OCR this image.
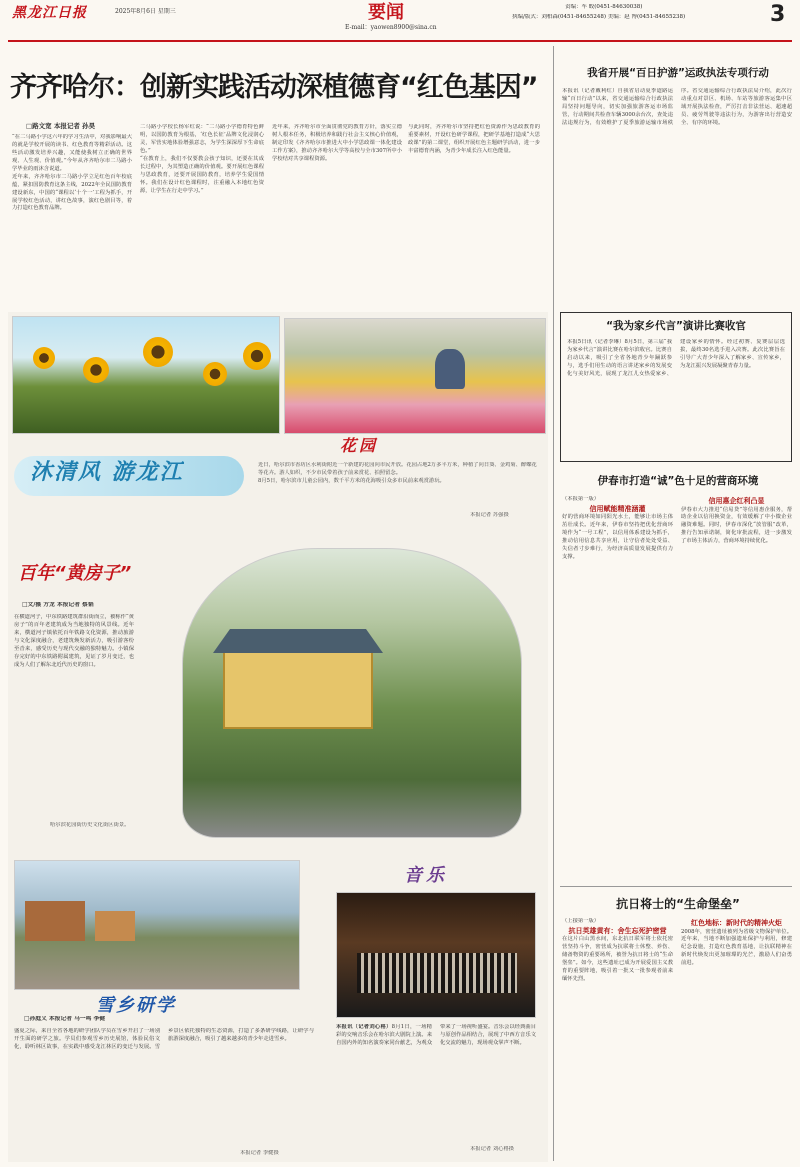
黑龙江日报	2025年8月6日 星期三	要闻
E-mail：yaowen8900@sina.cn
责编：车 蛟(0451-84630038)
执编/版式：刘柏森(0451-84655248) 美编：赵 博(0451-84655238)	3
齐齐哈尔：创新实践活动深植德育“红色基因”
□路文宽 本报记者 孙昊

“在二马路小学这六年的学习生活中，对我影响最大的就是学校开展的读书、红色教育等精彩活动。这些活动激发培养兴趣，又能使我树立正确的世界观、人生观、价值观。”今年从齐齐哈尔市二马路小学毕业的雨沐含说道。

近年来，齐齐哈尔市二马路小学立足红色百年校底蕴，紧扣国防教育这条主线，2022年全民国防教育建设新东，中国的“课程以‘十个一’工程为抓手，开展学校红色活动，讲红色故事，演红色剧目等，着力打造红色教育品牌。

二马路小学校长杨军红说：“二马路小学德育特色鲜明，以国防教育为根基，‘红色长征’品牌文化浸润心灵，军营实地体验增强意志，为学生深深厚下生命底色。”

“在教育上，我们不仅要教会孩子知识，还要在其成长过程中，为其塑造正确的价值观。要开展红色课程与思政教育，还要开展国防教育，培养学生爱国情怀。我们在设计红色课程时，注重融入本地红色资源，让学生在行走中学习。”

近年来，齐齐哈尔市全面贯彻党的教育方针，落实立德树人根本任务，积极培养和践行社会主义核心价值观，制定印发《齐齐哈尔市推进大中小学思政课一体化建设工作方案》，推动齐齐哈尔大学等高校与全市307所中小学校结对共享课程资源。

与此同时，齐齐哈尔市坚持把红色资源作为思政教育的重要素材，开设红色研学课程，把研学基地打造成“大思政课”的第二课堂，组织开展红色主题研学活动，进一步丰富德育内涵，为青少年成长注入红色能量。

沐清风 游龙江
花园

近日，哈尔滨市香坊区水利街附近一个新建的花园向市民开放。花园占地2万多平方米，种植了向日葵、金鸡菊、醉蝶花等花卉。游人如织，不少市民带着孩子前来赏花、拍照留念。

8月5日，哈尔滨市儿童公园内，数千平方米的花海吸引众多市民前来观赏游玩。

本报记者 苏强摄
百年“黄房子”
□文/摄 方龙 本报记者 蔡韬

在横道河子，中东铁路建筑群沿街而立，被称作“黄房子”的百年老建筑成为当地独特的风景线。近年来，横道河子镇依托百年铁路文化资源，推动旅游与文化深度融合，老建筑焕发新活力，吸引游客纷至沓来，感受历史与现代交融的独特魅力。小镇保存完好的中东铁路附属建筑，见证了岁月变迁，也成为人们了解东北近代历史的窗口。

哈尔滨花园街历史文化街区街景。
雪乡研学
□孙庭义 本报记者 马一鸣 李健

盛夏之际，来自全省各地的研学团队学员在雪乡开启了一场别开生面的研学之旅。学员们参观雪乡历史展馆，体验民俗文化，聆听林区故事，在实践中感受龙江林区的变迁与发展。雪乡景区依托独特的生态资源，打造了多条研学线路，让研学与旅游深度融合，吸引了越来越多的青少年走进雪乡。

本报记者 李健摄
音乐

本报讯（记者刘心格）8月1日，一场精彩的交响音乐会在哈尔滨大剧院上演。来自国内外的知名演奏家同台献艺，为观众带来了一场视听盛宴。音乐会以经典曲目与原创作品相结合，展现了中西方音乐文化交流的魅力，现场观众掌声不断。

本报记者 刘心格摄
我省开展“百日护游”运政执法专项行动

本报讯（记者戴利红）自我省启动夏季道路运输“百日行动”以来，省交通运输综合行政执法局坚持问题导向，切实加强旅游客运市场监管，行动期间共检查车辆3000余台次，查处违法违规行为，有效维护了夏季旅游运输市场秩序。省交通运输综合行政执法局介绍，此次行动重点对景区、机场、车站等旅游客运集中区域开展执法检查，严厉打击非法营运、超速超员、疲劳驾驶等违法行为，为游客出行营造安全、有序的环境。

“我为家乡代言”演讲比赛收官

本报5日讯（记者李琳）8月5日，第三届“我为家乡代言”演讲比赛在哈尔滨收官。比赛自启动以来，吸引了全省各地青少年踊跃参与，选手们用生动的语言讲述家乡的发展变化与美好风光，展现了龙江儿女热爱家乡、建设家乡的情怀。经过初赛、复赛层层选拔，最终30名选手进入决赛。此次比赛旨在引导广大青少年深入了解家乡、宣传家乡，为龙江振兴发展凝聚青春力量。

伊春市打造“诚”色十足的营商环境

（本报第一版）

信用赋能精准涵灌

好的营商环境如同阳光水土，能够让市场主体茁壮成长。近年来，伊春市坚持把优化营商环境作为“一号工程”，以信用体系建设为抓手，推动信用信息共享应用，让守信者处处受益、失信者寸步难行，为经济高质量发展提供有力支撑。

信用惠企红利凸显

伊春市大力推进“信易贷”等信用惠企服务，帮助企业以信用换资金，有效缓解了中小微企业融资难题。同时，伊春市深化“放管服”改革，推行告知承诺制，简化审批流程，进一步激发了市场主体活力，营商环境持续优化。

抗日将士的“生命堡垒”

（上接第一版）

抗日英雄黄有：舍生忘死护密营

在这片白山黑水间，东北抗日联军将士依托密营坚持斗争，密营成为抗联将士休整、养伤、储备物资的重要场所，被誉为抗日将士的“生命堡垒”。如今，这些遗址已成为开展爱国主义教育的重要阵地，吸引着一批又一批参观者前来缅怀先烈。

红色地标：新时代的精神火炬

2008年，密营遗址被列为省级文物保护单位。近年来，当地不断加强遗址保护与利用，修建纪念设施，打造红色教育基地，让抗联精神在新时代焕发出更加璀璨的光芒，激励人们奋勇前进。
